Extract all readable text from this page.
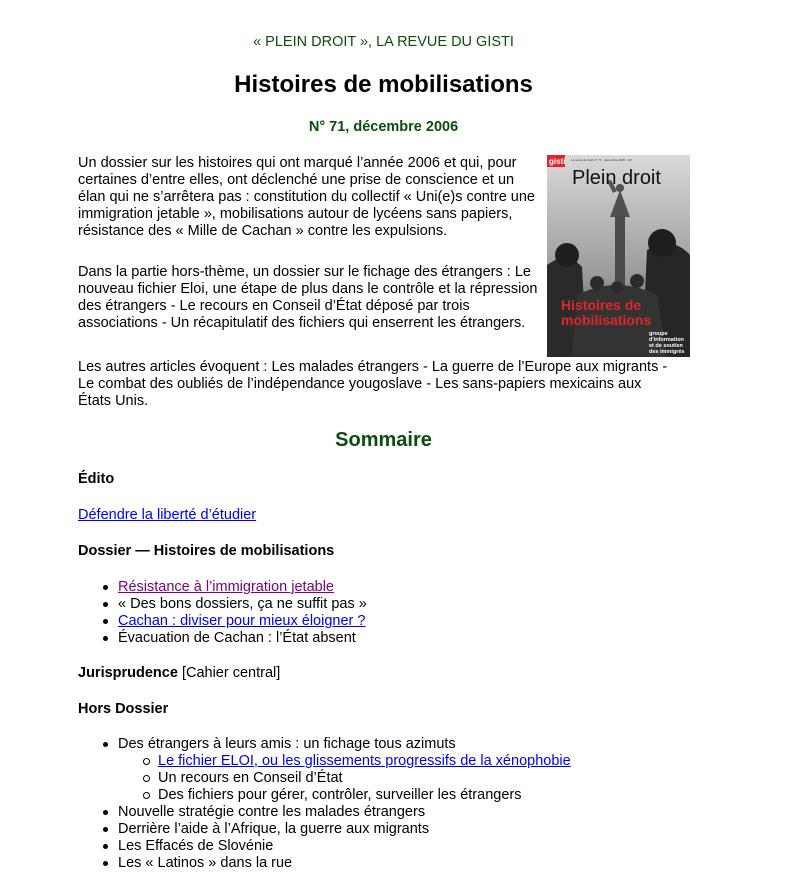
« PLEIN DROIT », LA REVUE DU GISTI
Histoires de mobilisations
N° 71, décembre 2006

Un dossier sur les histoires qui ont marqué l’année 2006 et qui, pour certaines d’entre elles, ont déclenché une prise de conscience et un élan qui ne s’arrêtera pas : constitution du collectif « Uni(e)s contre une immigration jetable », mobilisations autour de lycéens sans papiers, résistance des « Mille de Cachan » contre les expulsions.

Dans la partie hors-thème, un dossier sur le fichage des étrangers : Le nouveau fichier Eloi, une étape de plus dans le contrôle et la répression des étrangers - Le recours en Conseil d’État déposé par trois associations - Un récapitulatif des fichiers qui enserrent les étrangers.

Les autres articles évoquent : Les malades étrangers - La guerre de l’Europe aux migrants - Le combat des oubliés de l’indépendance yougoslave - Les sans-papiers mexicains aux États Unis.

gisti La revue du Gisti n° 71 · décembre 2006 · 9 €
Plein droit
Histoires de
mobilisations
groupe
d'information
et de soutien
des immigrés
Sommaire
Édito
Défendre la liberté d’étudier
Dossier — Histoires de mobilisations
Résistance à l’immigration jetable
« Des bons dossiers, ça ne suffit pas »
Cachan : diviser pour mieux éloigner ?
Évacuation de Cachan : l’État absent
Jurisprudence [Cahier central]
Hors Dossier
Des étrangers à leurs amis : un fichage tous azimuts
Le fichier ELOI, ou les glissements progressifs de la xénophobie
Un recours en Conseil d’État
Des fichiers pour gérer, contrôler, surveiller les étrangers
Nouvelle stratégie contre les malades étrangers
Derrière l’aide à l’Afrique, la guerre aux migrants
Les Effacés de Slovénie
Les « Latinos » dans la rue
